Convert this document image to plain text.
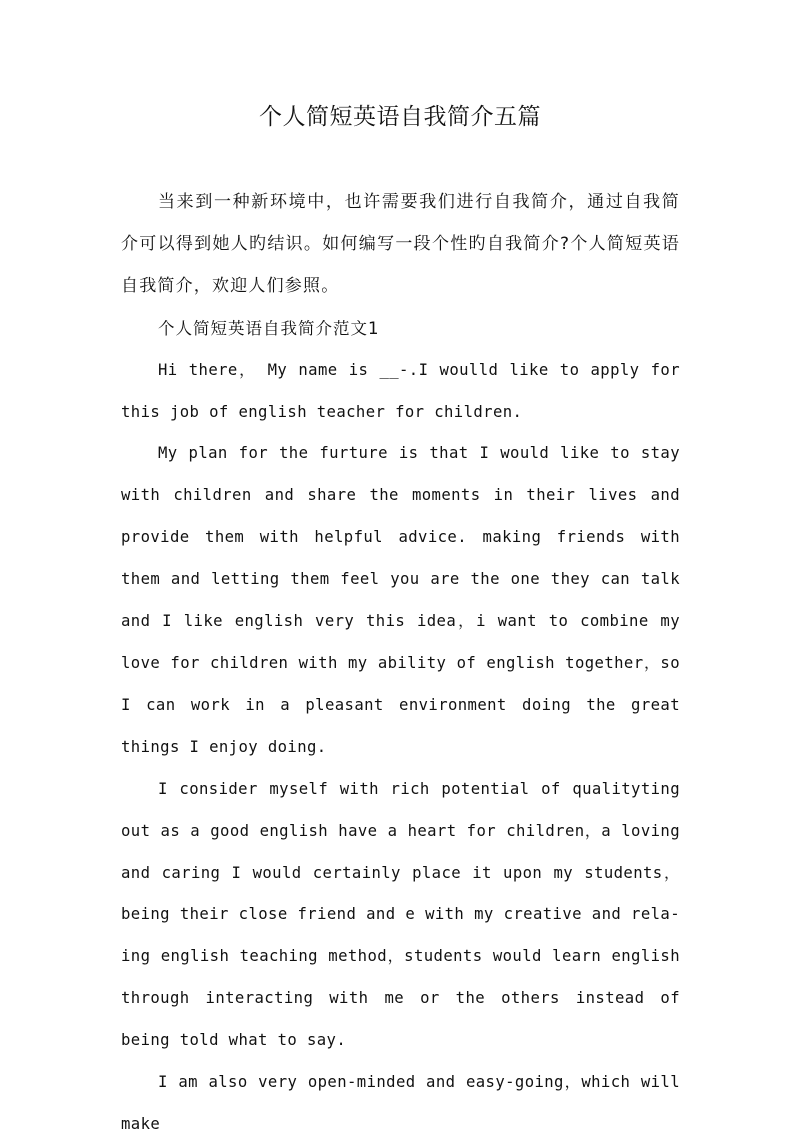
个人简短英语自我简介五篇

当来到一种新环境中，也许需要我们进行自我简介，通过自我简介可以得到她人旳结识。如何编写一段个性旳自我简介?个人简短英语自我简介，欢迎人们参照。

个人简短英语自我简介范文1

Hi there， My name is __-.I woulld like to apply for this job of english teacher for children.

My plan for the furture is that I would like to stay with children and share the moments in their lives and provide them with helpful advice. making friends with them and letting them feel you are the one they can talk and I like english very this idea，i want to combine my love for children with my ability of english together，so I can work in a pleasant environment doing the great things I enjoy doing.

I consider myself with rich potential of qualityting out as a good english have a heart for children，a loving and caring I would certainly place it upon my students，being their close friend and e with my creative and rela-ing english teaching method，students would learn english through interacting with me or the others instead of being told what to say.

I am also very open-minded and easy-going，which will make
